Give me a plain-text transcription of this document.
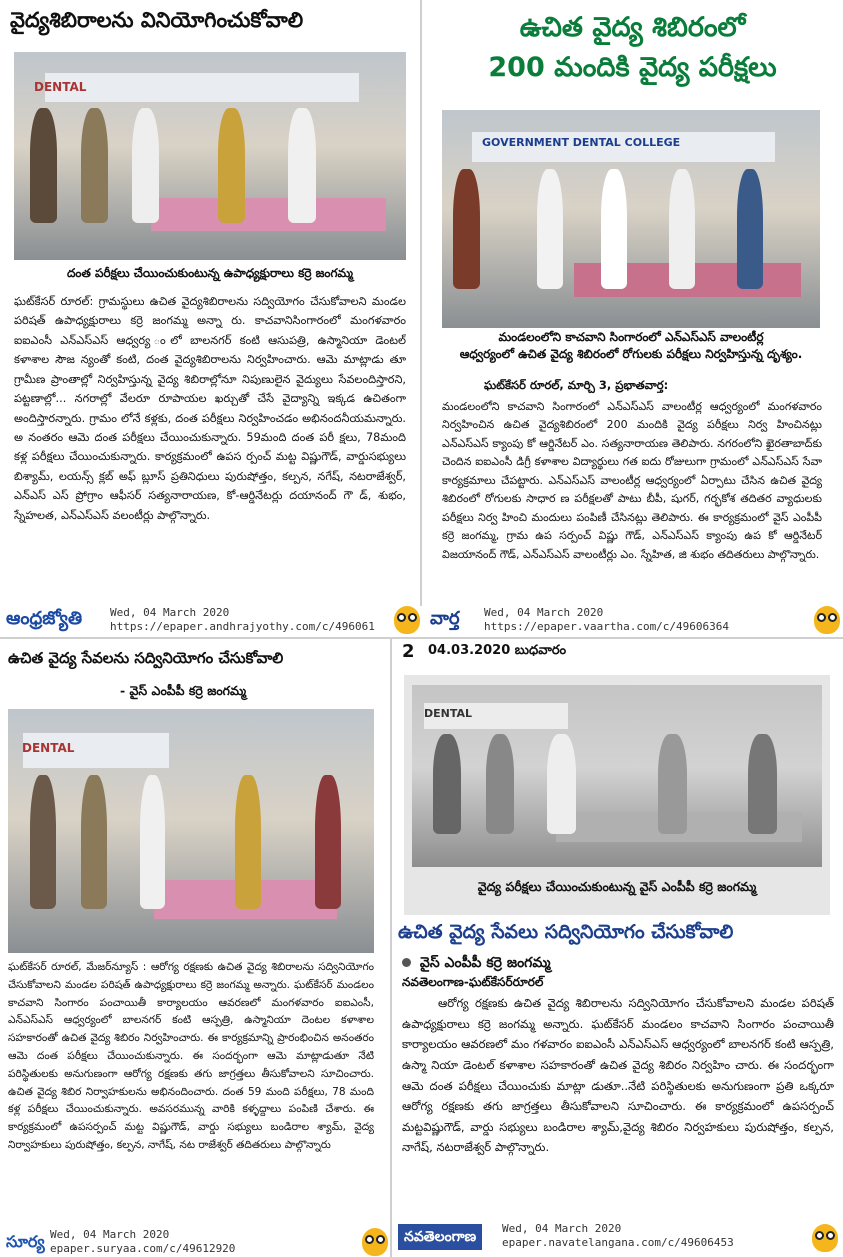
వైద్యశిబిరాలను వినియోగించుకోవాలి
DENTAL
దంత పరీక్షలు చేయించుకుంటున్న ఉపాధ్యక్షురాలు కర్రె జంగమ్మ
ఘట్‌కేసర్ రూరల్: గ్రామస్థులు ఉచిత వైద్యశిబిరాలను సద్వియోగం చేసుకోవాలని మండల పరిషత్ ఉపాధ్యక్షురాలు కర్రె జంగమ్మ అన్నా రు. కాచవానిసింగారంలో మంగళవారం ఐఐఎంసీ ఎన్ఎస్ఎస్ ఆధ్వర్య ంలో బాలనగర్ కంటి ఆసుపత్రి, ఉస్మానియా డెంటల్ కళాశాల సౌజ న్యంతో కంటి, దంత వైద్యశిబిరాలను నిర్వహించారు. ఆమె మాట్లాడు తూ గ్రామీణ ప్రాంతాల్లో నిర్వహిస్తున్న వైద్య శిబిరాల్లోనూ నిపుణులైన వైద్యులు సేవలందిస్తారని, పట్టణాల్లో... నగరాల్లో వేలరూ రూపాయల ఖర్చుతో చేసే వైద్యాన్ని ఇక్కడ ఉచితంగా అందిస్తారన్నారు. గ్రామం లోనే కళ్లకు, దంత పరీక్షలు నిర్వహించడం అభినందనీయమన్నారు. అ నంతరం ఆమె దంత పరీక్షలు చేయించుకున్నారు. 59మంది దంత పరీ క్షలు, 78మంది కళ్ల పరీక్షలు చేయించుకున్నారు. కార్యక్రమంలో ఉపస ర్పంచ్ మట్ట విష్ణుగౌడ్, వార్డుసభ్యులు బిశ్యామ్, లయన్స్ క్లబ్ అఫ్ బ్లూస్ ప్రతినిధులు పురుషోత్తం, కల్పన, నగేష్, నటరాజేశ్వర్, ఎన్ఎస్ ఎస్ ప్రోగ్రాం ఆఫీసర్ సత్యనారాయణ, కో-ఆర్డినేటర్లు దయానంద్ గౌ డ్, శుభం, స్నేహలత, ఎన్ఎస్ఎస్ వలంటీర్లు పాల్గొన్నారు.
ఉచిత వైద్య శిబిరంలో
200 మందికి వైద్య పరీక్షలు
GOVERNMENT DENTAL COLLEGE
మండలంలోని కాచవాని సింగారంలో ఎన్ఎస్ఎస్ వాలంటీర్ల
ఆధ్వర్యంలో ఉచిత వైద్య శిబిరంలో రోగులకు పరీక్షలు నిర్వహిస్తున్న దృశ్యం.
ఘట్‌కేసర్ రూరల్, మార్చి 3, ప్రభాతవార్త:
మండలంలోని కాచవాని సింగారంలో ఎన్ఎస్ఎస్ వాలంటీర్ల ఆధ్వర్యంలో మంగళవారం నిర్వహించిన ఉచిత వైద్యశిబిరంలో 200 మందికి వైద్య పరీక్షలు నిర్వ హించినట్లు ఎన్ఎస్ఎస్ క్యాంపు కో ఆర్డినేటర్ ఎం. సత్యనారాయణ తెలిపారు. నగరంలోని ఖైరతాబాద్‌కు చెందిన ఐఐఎంసీ డిగ్రీ కళాశాల విద్యార్థులు గత ఐదు రోజులుగా గ్రామంలో ఎన్ఎస్ఎస్ సేవా కార్యక్రమాలు చేపట్టారు. ఎన్ఎస్ఎస్ వాలంటీర్ల ఆధ్వర్యంలో ఏర్పాటు చేసిన ఉచిత వైద్య శిబిరంలో రోగులకు సాధార ణ పరీక్షలతో పాటు బీపీ, షుగర్, గర్భకోశ తదితర వ్యాధులకు పరీక్షలు నిర్వ హించి మందులు పంపిణీ చేసినట్లు తెలిపారు. ఈ కార్యక్రమంలో వైస్ ఎంపీపీ కర్రె జంగమ్మ, గ్రామ ఉప సర్పంచ్ విష్ణు గౌడ్, ఎన్ఎస్ఎస్ క్యాంపు ఉప కో ఆర్డినేటర్ విజయానంద్ గౌడ్, ఎన్ఎస్ఎస్ వాలంటీర్లు ఎం. స్నేహిత, జి శుభం తదితరులు పాల్గొన్నారు.
ఆంధ్రజ్యోతి	Wed, 04 March 2020
https://epaper.andhrajyothy.com/c/49606​1	వార్త Wed, 04 March 2020
https://epaper.vaartha.com/c/49606364
ఉచిత వైద్య సేవలను సద్వినియోగం చేసుకోవాలి
- వైస్ ఎంపీపీ కర్రె జంగమ్మ
DENTAL
ఘట్‌కేసర్ రూరల్, మేజర్‌న్యూస్ : ఆరోగ్య రక్షణకు ఉచిత వైద్య శిబిరాలను సద్వినియోగం చేసుకోవాలని మండల పరిషత్ ఉపాధ్యక్షురాలు కర్రె జంగమ్మ అన్నారు. ఘట్‌కేసర్ మండలం కాచవాని సింగారం పంచాయితీ కార్యాలయం ఆవరణలో మంగళవారం ఐఐఎంసీ, ఎన్ఎస్ఎస్ ఆధ్వర్యంలో బాలనగర్ కంటి ఆస్పత్రి, ఉస్మానియా దెంటల కళాశాల సహకారంతో ఉచిత వైద్య శిబిరం నిర్వహించారు. ఈ కార్యక్రమాన్ని ప్రారంభించిన అనంతరం ఆమె దంత పరీక్షలు చేయించుకున్నారు. ఈ సందర్భంగా ఆమె మాట్లాడుతూ నేటి పరిస్థితులకు అనుగుణంగా ఆరోగ్య రక్షణకు తగు జాగ్రత్తలు తీసుకోవాలని సూచించారు. ఉచిత వైద్య శిబిర నిర్వాహకులను అభినందించారు. దంత 59 మంది పరీక్షలు, 78 మంది కళ్ల పరీక్షలు చేయించుకున్నారు. అవసరమున్న వారికి కళ్ళద్దాలు పంపిణి చేశారు. ఈ కార్యక్రమంలో ఉపసర్పంచ్ మట్ట విష్ణుగౌడ్, వార్డు సభ్యులు బండిరాల శ్యామ్, వైద్య నిర్వాహకులు పురుషోత్తం, కల్పన, నాగేష్, నట రాజేశ్వర్ తదితరులు పాల్గొన్నారు
సూర్య Wed, 04 March 2020
epaper.suryaa.com/c/49612920
2 04.03.2020 బుధవారం
DENTAL
వైద్య పరీక్షలు చేయించుకుంటున్న వైస్ ఎంపీపీ కర్రె జంగమ్మ
ఉచిత వైద్య సేవలు సద్వినియోగం చేసుకోవాలి
వైస్ ఎంపీపీ కర్రె జంగమ్మ
నవతెలంగాణ-ఘట్‌కేసర్‌రూరల్
ఆరోగ్య రక్షణకు ఉచిత వైద్య శిబిరాలను సద్వినియోగం చేసుకోవాలని మండల పరిషత్ ఉపాధ్యక్షురాలు కర్రె జంగమ్మ అన్నారు. ఘట్‌కేసర్ మండలం కాచవాని సింగారం పంచాయితీ కార్యాలయం ఆవరణలో మం గళవారం ఐఐఎంసీ ఎన్ఎస్ఎస్ ఆధ్వర్యంలో బాలనగర్ కంటి ఆస్పత్రి, ఉస్మా నియా డెంటల్ కళాశాల సహకారంతో ఉచిత వైద్య శిబిరం నిర్వహిం చారు. ఈ సందర్భంగా ఆమె దంత పరీక్షలు చేయించుకు మాట్లా డుతూ..నేటి పరిస్థితులకు అనుగుణంగా ప్రతి ఒక్కరూ ఆరోగ్య రక్షణకు తగు జాగ్రత్తలు తీసుకోవాలని సూచించారు. ఈ కార్యక్రమంలో ఉపసర్పంచ్ మట్టవిష్ణుగౌడ్, వార్డు సభ్యులు బండిరాల శ్యామ్,వైద్య శిబిరం నిర్వహకులు పురుషోత్తం, కల్పన, నాగేష్, నటరాజేశ్వర్ పాల్గొన్నారు.
నవతెలంగాణ
Wed, 04 March 2020
epaper.navatelangana.com/c/49606453
